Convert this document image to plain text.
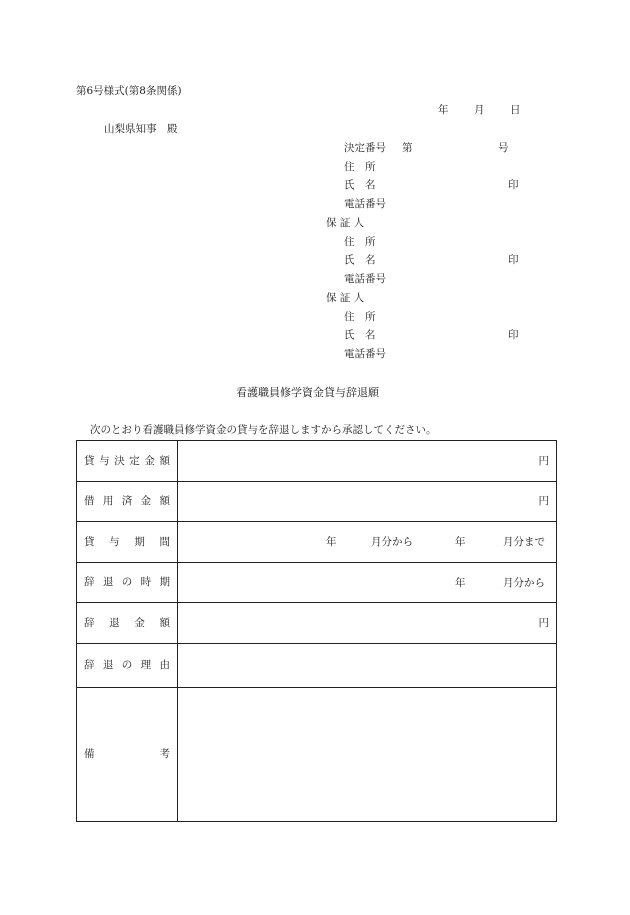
第6号様式(第8条関係)
年 月 日
山梨県知事　殿
決定番号 第	号
住　所
氏　名	印
電話番号
保 証 人
住　所
氏　名	印
電話番号
保 証 人
住　所
氏　名	印
電話番号
看護職員修学資金貸与辞退願
次のとおり看護職員修学資金の貸与を辞退しますから承認してください。
貸与決定金額	円

借用済金額	円

貸与期間	年 月分から 年 月分まで

辞退の時期	年 月分から

辞退金額	円

辞退の理由	

備考	
